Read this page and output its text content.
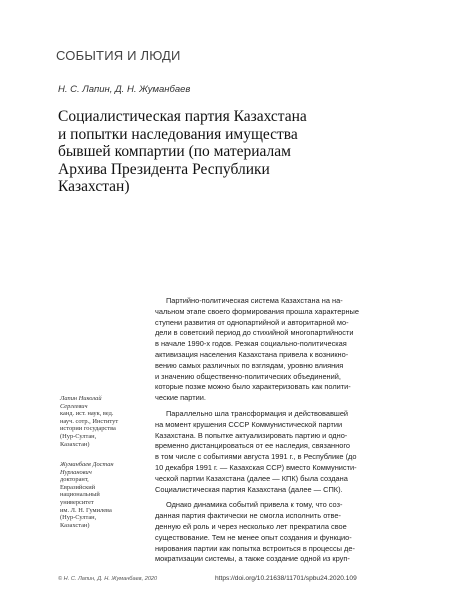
СОБЫТИЯ И ЛЮДИ
Н. С. Лапин, Д. Н. Жуманбаев
Социалистическая партия Казахстана
и попытки наследования имущества
бывшей компартии (по материалам
Архива Президента Республики
Казахстан)

Партийно-политическая система Казахстана на на-
чальном этапе своего формирования прошла характерные
ступени развития от однопартийной и авторитарной мо-
дели в советский период до стихийной многопартийности
в начале 1990-х годов. Резкая социально-политическая
активизация населения Казахстана привела к возникно-
вению самых различных по взглядам, уровню влияния
и значению общественно-политических объединений,
которые позже можно было характеризовать как полити-
ческие партии.

Параллельно шла трансформация и действовавшей
на момент крушения СССР Коммунистической партии
Казахстана. В попытке актуализировать партию и одно-
временно дистанцироваться от ее наследия, связанного
в том числе с событиями августа 1991 г., в Республике (до
10 декабря 1991 г. — Казахская ССР) вместо Коммунисти-
ческой партии Казахстана (далее — КПК) была создана
Социалистическая партия Казахстана (далее — СПК).

Однако динамика событий привела к тому, что соз-
данная партия фактически не смогла исполнить отве-
денную ей роль и через несколько лет прекратила свое
существование. Тем не менее опыт создания и функцио-
нирования партии как попытка встроиться в процессы де-
мократизации системы, а также создание одной из круп-

Лапин Николай
Сергеевич
канд. ист. наук, вед.
науч. сотр., Институт
истории государства
(Нур-Султан,
Казахстан)
Жуманбаев Достан
Нурланович
докторант,
Евразийский
национальный
университет
им. Л. Н. Гумилева
(Нур-Султан,
Казахстан)
© Н. С. Лапин, Д. Н. Жуманбаев, 2020	https://doi.org/10.21638/11701/spbu24.2020.109
